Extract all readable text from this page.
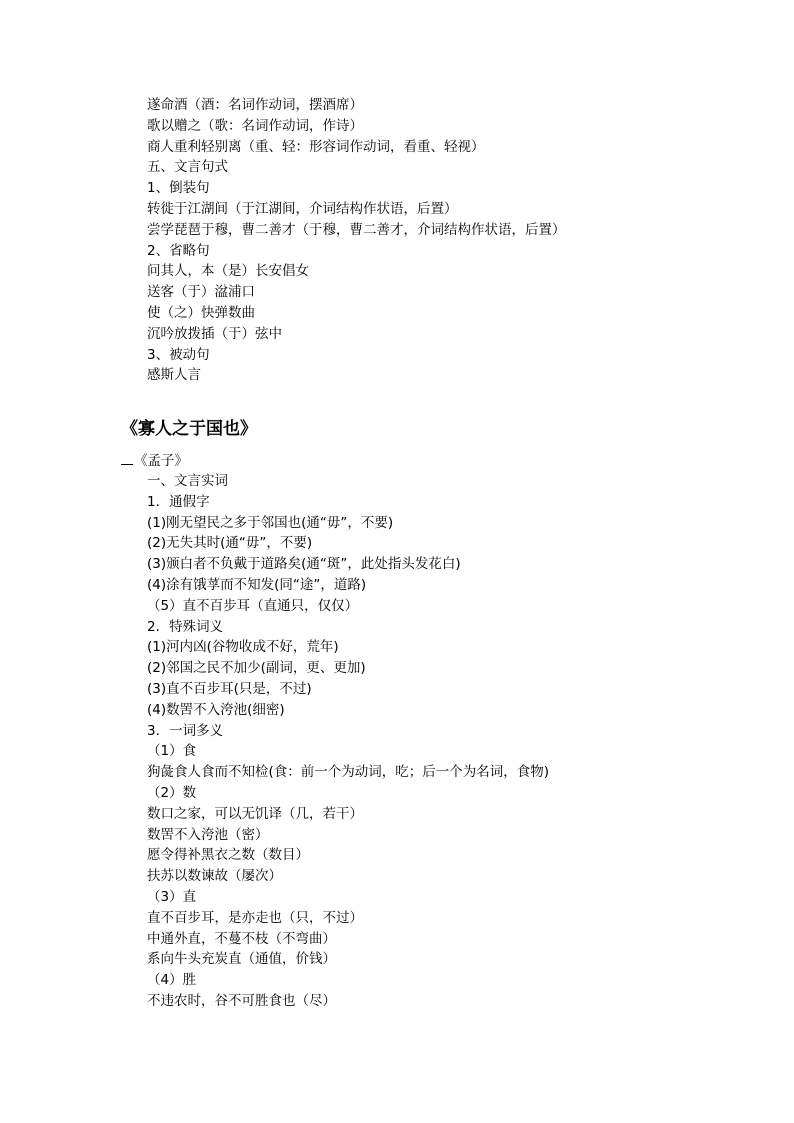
遂命酒（酒：名词作动词，摆酒席）
歌以赠之（歌：名词作动词，作诗）
商人重利轻别离（重、轻：形容词作动词，看重、轻视）
五、文言句式
1、倒装句
转徙于江湖间（于江湖间，介词结构作状语，后置）
尝学琵琶于穆，曹二善才（于穆，曹二善才，介词结构作状语，后置）
2、省略句
问其人，本（是）长安倡女
送客（于）湓浦口
使（之）快弹数曲
沉吟放拨插（于）弦中
3、被动句
感斯人言
《寡人之于国也》
《孟子》
一、文言实词
1．通假字
(1)刚无望民之多于邻国也(通“毋”，不要)
(2)无失其时(通“毋”，不要)
(3)颁白者不负戴于道路矣(通“斑”，此处指头发花白)
(4)涂有饿莩而不知发(同“途”，道路)
（5）直不百步耳（直通只，仅仅）
2．特殊词义
(1)河内凶(谷物收成不好，荒年)
(2)邻国之民不加少(副词，更、更加)
(3)直不百步耳(只是，不过)
(4)数罟不入洿池(细密)
3．一词多义
（1）食
狗彘食人食而不知检(食：前一个为动词，吃；后一个为名词，食物)
（2）数
数口之家，可以无饥译（几，若干）
数罟不入洿池（密）
愿令得补黑衣之数（数目）
扶苏以数谏故（屡次）
（3）直
直不百步耳，是亦走也（只，不过）
中通外直，不蔓不枝（不弯曲）
系向牛头充炭直（通值，价钱）
（4）胜
不违农时，谷不可胜食也（尽）
